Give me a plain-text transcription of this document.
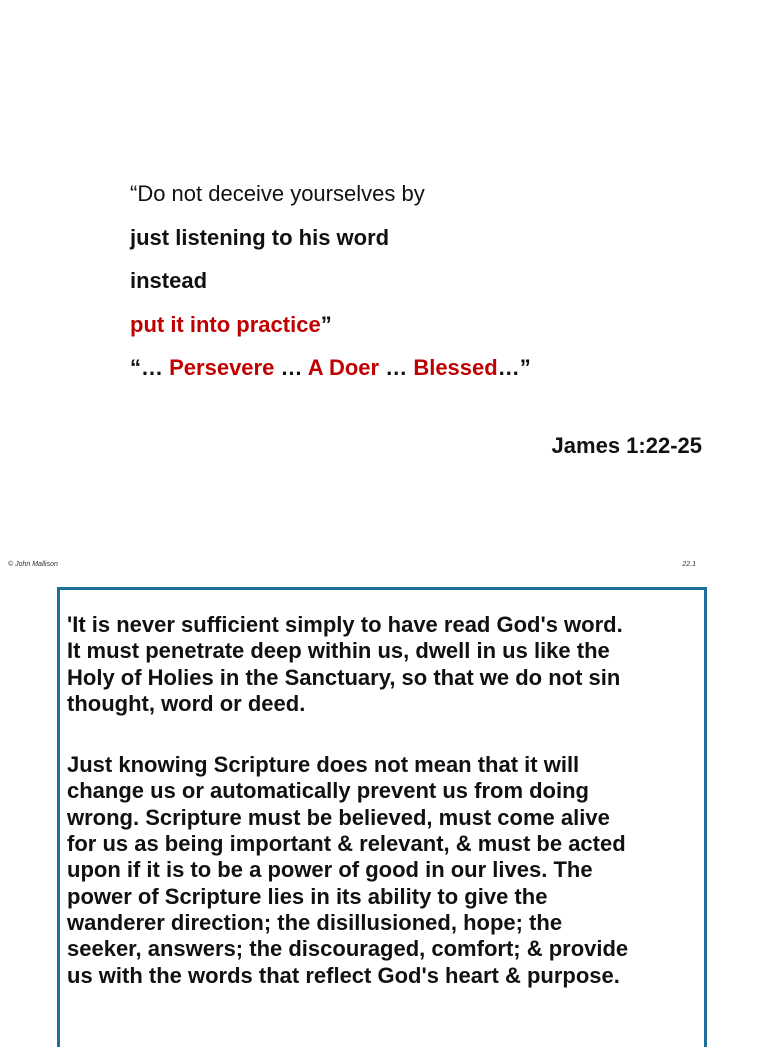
“Do not deceive yourselves by
just listening to his word
instead
put it into practice”
“… Persevere … A Doer … Blessed…”
James 1:22-25
© John Mallison	22.1
'It is never sufficient simply to have read God's word.
It must penetrate deep within us, dwell in us like the
Holy of Holies in the Sanctuary, so that we do not sin
thought, word or deed.
Just knowing Scripture does not mean that it will
change us or automatically prevent us from doing
wrong. Scripture must be believed, must come alive
for us as being important & relevant, & must be acted
upon if it is to be a power of good in our lives. The
power of Scripture lies in its ability to give the
wanderer direction; the disillusioned, hope; the
seeker, answers; the discouraged, comfort; & provide
us with the words that reflect God's heart & purpose.
